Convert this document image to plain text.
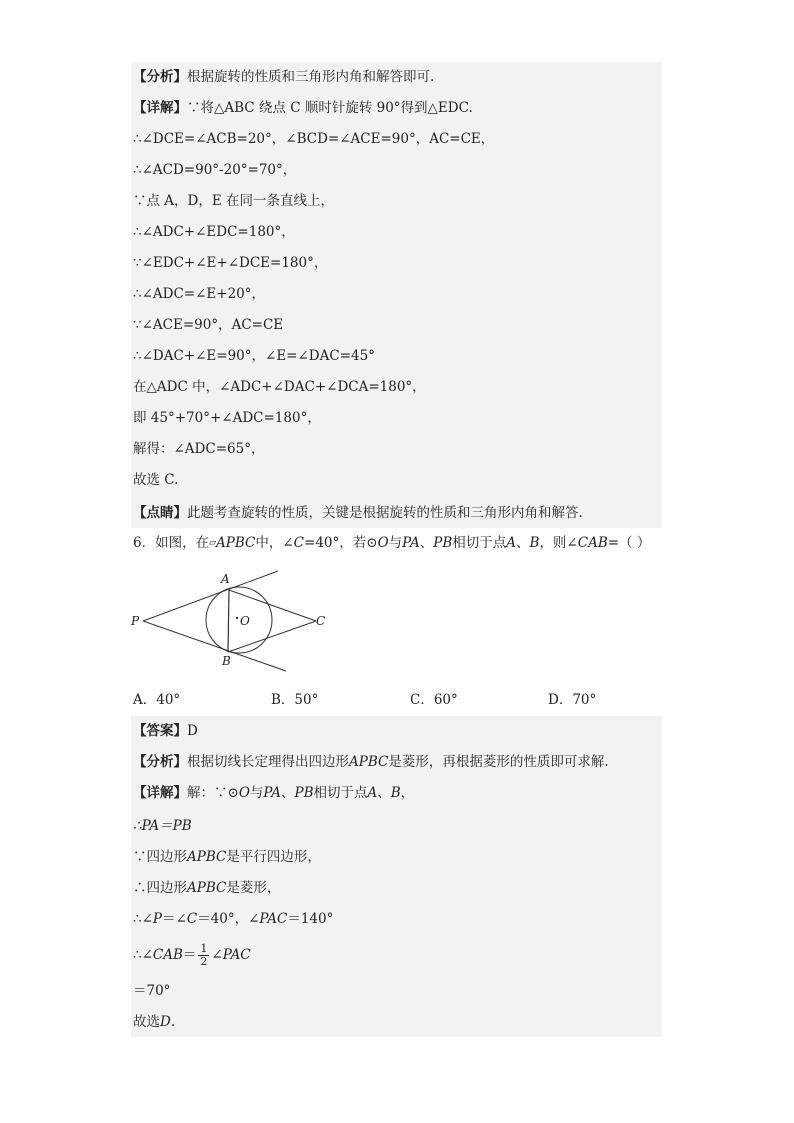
【分析】根据旋转的性质和三角形内角和解答即可.
【详解】∵将△ABC 绕点 C 顺时针旋转 90°得到△EDC.
∴∠DCE=∠ACB=20°，∠BCD=∠ACE=90°，AC=CE，
∴∠ACD=90°-20°=70°，
∵点 A，D，E 在同一条直线上，
∴∠ADC+∠EDC=180°，
∵∠EDC+∠E+∠DCE=180°，
∴∠ADC=∠E+20°，
∵∠ACE=90°，AC=CE
∴∠DAC+∠E=90°，∠E=∠DAC=45°
在△ADC 中，∠ADC+∠DAC+∠DCA=180°，
即 45°+70°+∠ADC=180°，
解得：∠ADC=65°，
故选 C.
【点睛】此题考查旋转的性质，关键是根据旋转的性质和三角形内角和解答.
6．如图，在▱APBC中，∠C=40°，若⊙O与PA、PB相切于点A、B，则∠CAB=（ ）
P
A
B
C
O
A．40°	B．50°	C．60°	D．70°
【答案】D
【分析】根据切线长定理得出四边形APBC是菱形，再根据菱形的性质即可求解.
【详解】解：∵⊙O与PA、PB相切于点A、B，
∴PA＝PB
∵四边形APBC是平行四边形，
∴四边形APBC是菱形，
∴∠P＝∠C＝40°，∠PAC＝140°
∴∠CAB＝ $\frac{1}{2}$ ∠PAC
＝70°
故选D.
